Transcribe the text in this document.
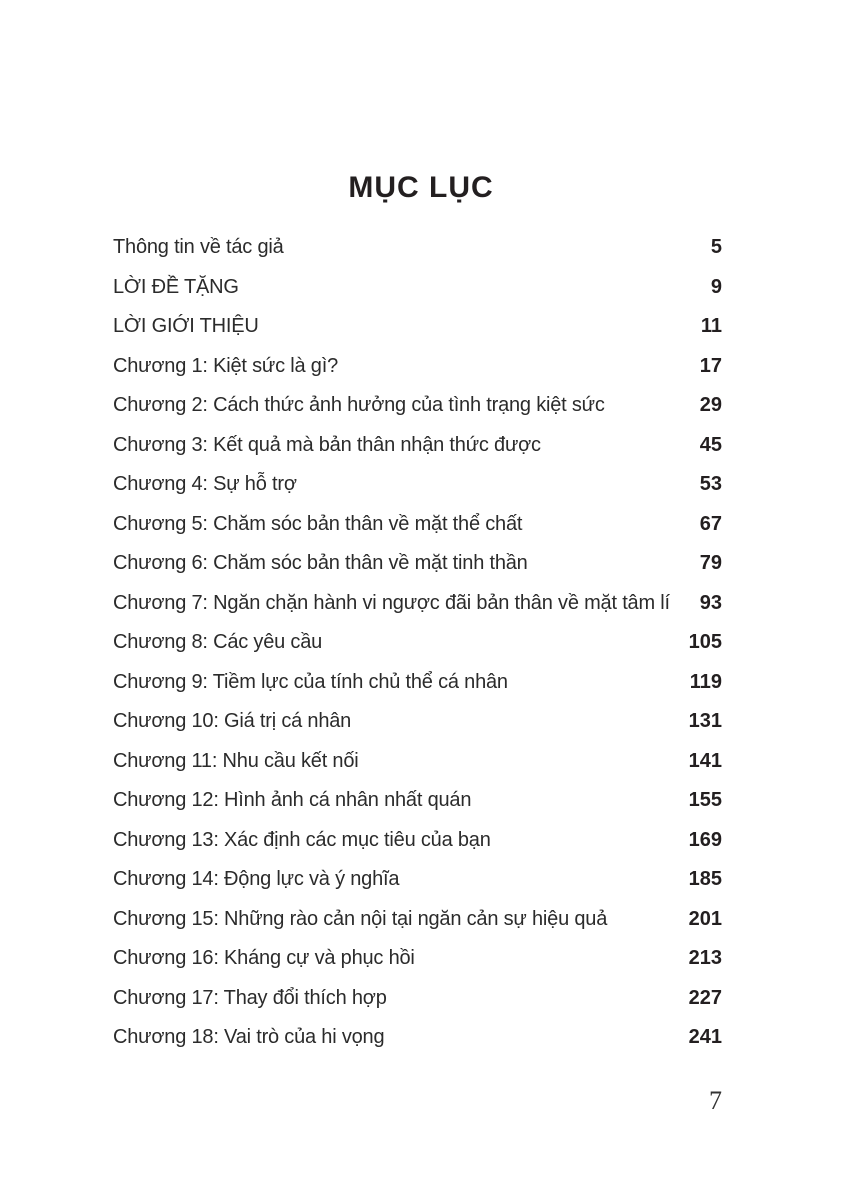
MỤC LỤC
Thông tin về tác giả	5
LỜI ĐỀ TẶNG	9
LỜI GIỚI THIỆU	11
Chương 1: Kiệt sức là gì?	17
Chương 2: Cách thức ảnh hưởng của tình trạng kiệt sức	29
Chương 3: Kết quả mà bản thân nhận thức được	45
Chương 4: Sự hỗ trợ	53
Chương 5: Chăm sóc bản thân về mặt thể chất	67
Chương 6: Chăm sóc bản thân về mặt tinh thần	79
Chương 7: Ngăn chặn hành vi ngược đãi bản thân về mặt tâm lí	93
Chương 8: Các yêu cầu	105
Chương 9: Tiềm lực của tính chủ thể cá nhân	119
Chương 10: Giá trị cá nhân	131
Chương 11: Nhu cầu kết nối	141
Chương 12: Hình ảnh cá nhân nhất quán	155
Chương 13: Xác định các mục tiêu của bạn	169
Chương 14: Động lực và ý nghĩa	185
Chương 15: Những rào cản nội tại ngăn cản sự hiệu quả	201
Chương 16: Kháng cự và phục hồi	213
Chương 17: Thay đổi thích hợp	227
Chương 18: Vai trò của hi vọng	241
7
